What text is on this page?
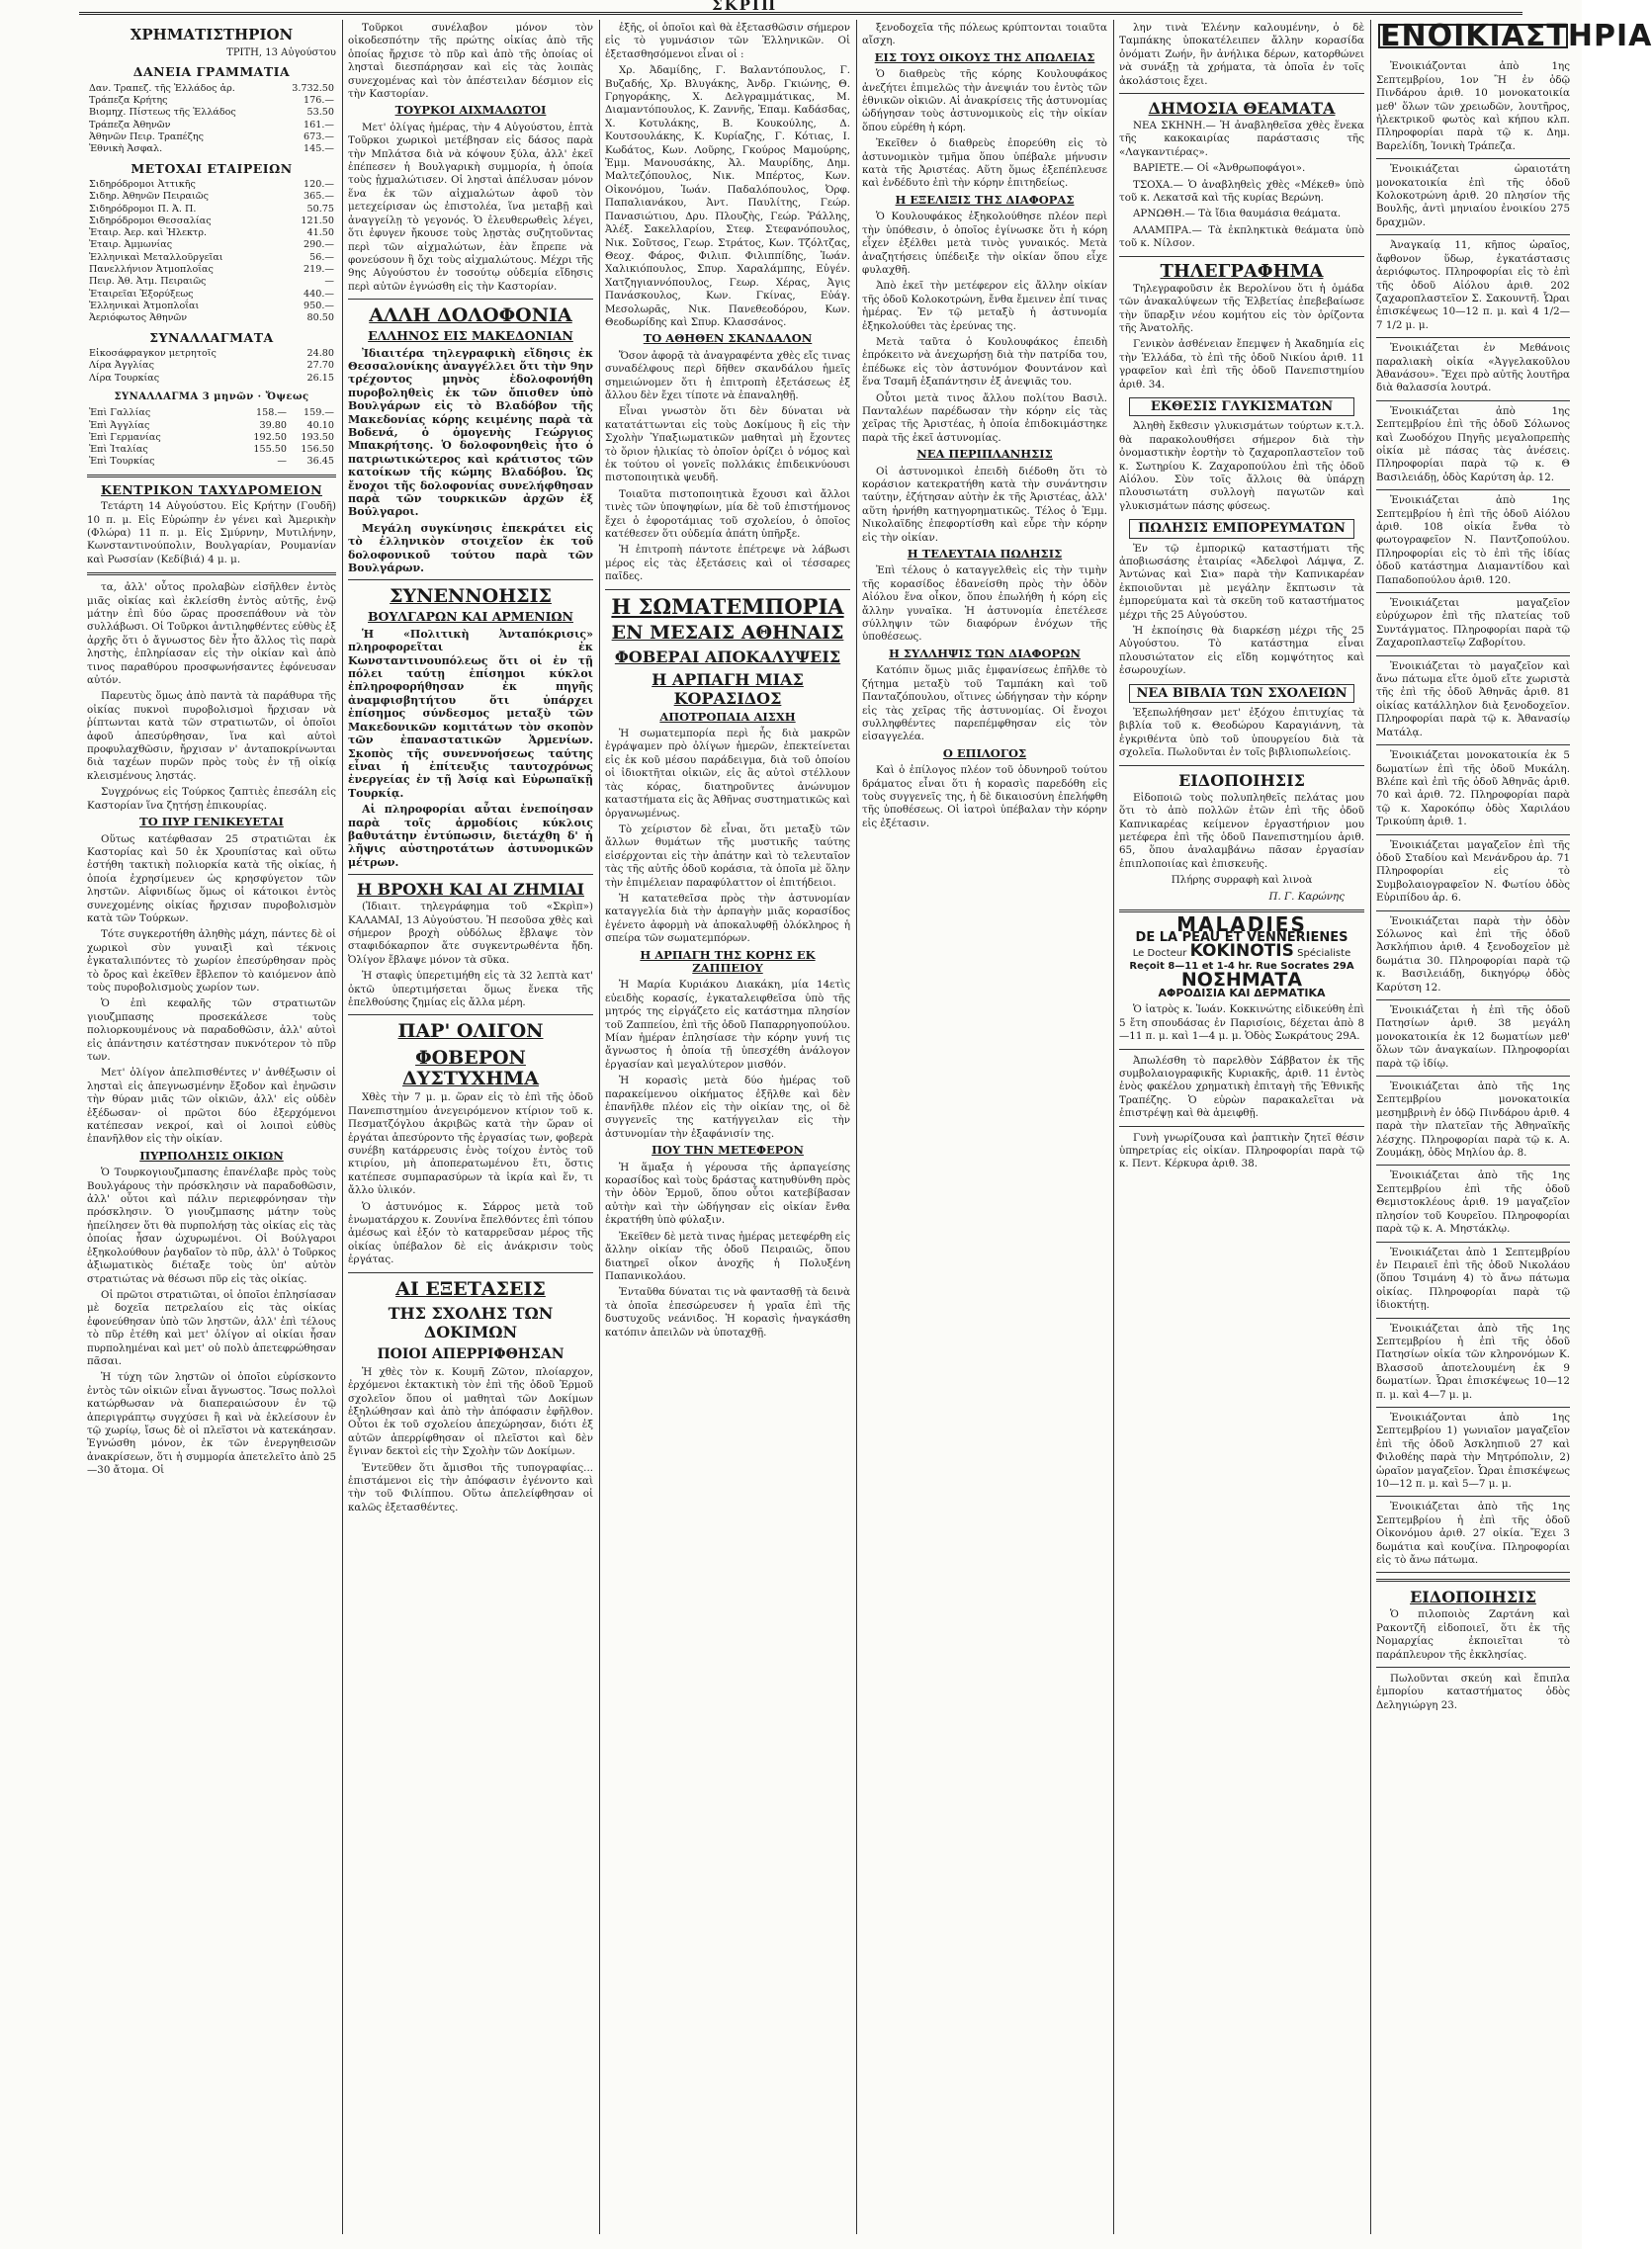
ΣΚΡΙΠ
ΧΡΗΜΑΤΙΣΤΗΡΙΟΝ
ΤΡΙΤΗ, 13 Αὐγούστου
ΔΑΝΕΙΑ ΓΡΑΜΜΑΤΙΑ
Δαν. Τραπεζ. τῆς Ἑλλάδος ἀρ.	3.732.50
Τράπεζα Κρήτης	176.—
Βιομηχ. Πίστεως τῆς Ἑλλάδος	53.50
Τράπεζα Ἀθηνῶν	161.—
Ἀθηνῶν Πειρ. Τραπέζης	673.—
Ἐθνικὴ Ἀσφαλ.	145.—
ΜΕΤΟΧΑΙ ΕΤΑΙΡΕΙΩΝ
Σιδηρόδρομοι Ἀττικῆς	120.—
Σιδηρ. Ἀθηνῶν Πειραιῶς	365.—
Σιδηρόδρομοι Π. Ἀ. Π.	50.75
Σιδηρόδρομοι Θεσσαλίας	121.50
Ἐταιρ. Ἀερ. καὶ Ἠλεκτρ.	41.50
Ἐταιρ. Ἀμμωνίας	290.—
Ἑλληνικαὶ Μεταλλοῦργεῖαι	56.—
Πανελλήνιον Ἀτμοπλοΐας	219.—
Πειρ. Ἀθ. Ἀτμ. Πειραιῶς	—
Ἐταιρεῖαι Ἐξορύξεως	440.—
Ἑλληνικαὶ Ἀτμοπλοΐαι	950.—
Ἀεριόφωτος Ἀθηνῶν	80.50
ΣΥΝΑΛΛΑΓΜΑΤΑ
Εἰκοσάφραγκον μετρητοῖς	24.80
Λίρα Ἀγγλίας	27.70
Λίρα Τουρκίας	26.15
ΣΥΝΑΛΛΑΓΜΑ 3 μηνῶν · Ὄψεως
Ἐπὶ Γαλλίας	158.—	159.—
Ἐπὶ Ἀγγλίας	39.80	40.10
Ἐπὶ Γερμανίας	192.50	193.50
Ἐπὶ Ἰταλίας	155.50	156.50
Ἐπὶ Τουρκίας	—	36.45
ΚΕΝΤΡΙΚΟΝ ΤΑΧΥΔΡΟΜΕΙΟΝ

Τετάρτη 14 Αὐγούστου. Εἰς Κρήτην (Γουδῆ) 10 π. μ. Εἰς Εὐρώπην ἐν γένει καὶ Ἀμερικὴν (Φλώρα) 11 π. μ. Εἰς Σμύρνην, Μυτιλήνην, Κωνσταντινούπολιν, Βουλγαρίαν, Ρουμανίαν καὶ Ρωσσίαν (Κεδίβιά) 4 μ. μ.

τα, ἀλλ' οὗτος προλαβὼν εἰσῆλθεν ἐντὸς μιᾶς οἰκίας καὶ ἐκλείσθη ἐντὸς αὐτῆς, ἐνῷ μάτην ἐπὶ δύο ὥρας προσεπάθουν νὰ τὸν συλλάβωσι. Οἱ Τοῦρκοι ἀντιληφθέντες εὐθὺς ἐξ ἀρχῆς ὅτι ὁ ἄγνωστος δὲν ἦτο ἄλλος τὶς παρὰ ληστὴς, ἐπληρίασαν εἰς τὴν οἰκίαν καὶ ἀπὸ τινος παραθύρου προσφωνήσαντες ἐφόνευσαν αὐτόν.

Παρευτὺς ὅμως ἀπὸ παντὰ τὰ παράθυρα τῆς οἰκίας πυκνοὶ πυροβολισμοὶ ἤρχισαν νὰ ῥίπτωνται κατὰ τῶν στρατιωτῶν, οἱ ὁποῖοι ἀφοῦ ἀπεσύρθησαν, ἵνα καὶ αὐτοὶ προφυλαχθῶσιν, ἤρχισαν ν' ἀνταποκρίνωνται διὰ ταχέων πυρῶν πρὸς τοὺς ἐν τῇ οἰκίᾳ κλεισμένους ληστάς.

Συγχρόνως εἰς Τούρκος ζαπτιὲς ἐπεσάλη εἰς Καστορίαν ἵνα ζητήσῃ ἐπικουρίας.

ΤΟ ΠΥΡ ΓΕΝΙΚΕΥΕΤΑΙ

Οὕτως κατέφθασαν 25 στρατιῶται ἐκ Καστορίας καὶ 50 ἐκ Χρουπίστας καὶ οὕτω ἐστήθη τακτικὴ πολιορκία κατὰ τῆς οἰκίας, ἡ ὁποία ἐχρησίμευεν ὡς κρησφύγετον τῶν ληστῶν. Αἰφνιδίως ὅμως οἱ κάτοικοι ἐντὸς συνεχομένης οἰκίας ἤρχισαν πυροβολισμὸν κατὰ τῶν Τούρκων.

Τότε συγκεροτήθη ἀληθὴς μάχη, πάντες δὲ οἱ χωρικοὶ σὺν γυναιξὶ καὶ τέκνοις ἐγκαταλιπόντες τὸ χωρίον ἐπεσύρθησαν πρὸς τὸ ὄρος καὶ ἐκεῖθεν ἔβλεπον τὸ καιόμενον ἀπὸ τοὺς πυροβολισμοὺς χωρίον των.

Ὁ ἐπὶ κεφαλῆς τῶν στρατιωτῶν γιουζμπασης προσεκάλεσε τοὺς πολιορκουμένους νὰ παραδοθῶσιν, ἀλλ' αὐτοὶ εἰς ἀπάντησιν κατέστησαν πυκνότερον τὸ πῦρ των.

Μετ' ὀλίγον ἀπελπισθέντες ν' ἀνθέξωσιν οἱ λησταὶ εἰς ἀπεγνωσμένην ἔξοδον καὶ ἐηνῶσιν τὴν θύραν μιᾶς τῶν οἰκιῶν, ἀλλ' εἰς οὐδὲν ἐξέδωσαν· οἱ πρῶτοι δύο ἐξερχόμενοι κατέπεσαν νεκροί, καὶ οἱ λοιποὶ εὐθὺς ἐπανῆλθον εἰς τὴν οἰκίαν.

ΠΥΡΠΟΛΗΣΙΣ ΟΙΚΙΩΝ

Ὁ Τουρκογιουζμπασης ἐπανέλαβε πρὸς τοὺς Βουλγάρους τὴν πρόσκλησιν νὰ παραδοθῶσιν, ἀλλ' οὗτοι καὶ πάλιν περιεφρόνησαν τὴν πρόσκλησιν. Ὁ γιουζμπασης μάτην τοὺς ἠπείλησεν ὅτι θὰ πυρπολήσῃ τὰς οἰκίας εἰς τὰς ὁποίας ἦσαν ὡχυρωμένοι. Οἱ Βούλγαροι ἐξηκολούθουν ῥαγδαῖον τὸ πῦρ, ἀλλ' ὁ Τοῦρκος ἀξιωματικὸς διέταξε τοὺς ὑπ' αὐτὸν στρατιώτας νὰ θέσωσι πῦρ εἰς τὰς οἰκίας.

Οἱ πρῶτοι στρατιῶται, οἱ ὁποῖοι ἐπλησίασαν μὲ δοχεῖα πετρελαίου εἰς τὰς οἰκίας ἐφονεύθησαν ὑπὸ τῶν ληστῶν, ἀλλ' ἐπὶ τέλους τὸ πῦρ ἐτέθη καὶ μετ' ὀλίγον αἱ οἰκίαι ἦσαν πυρπολημέναι καὶ μετ' οὐ πολὺ ἀπετεφρώθησαν πᾶσαι.

Ἡ τύχη τῶν ληστῶν οἱ ὁποῖοι εὑρίσκοντο ἐντὸς τῶν οἰκιῶν εἶναι ἄγνωστος. Ἴσως πολλοὶ κατώρθωσαν νὰ διαπεραιώσουν ἐν τῷ ἀπεριγράπτῳ συγχύσει ἢ καὶ νὰ ἐκλείσουν ἐν τῷ χωρίῳ, ἴσως δὲ οἱ πλεῖστοι νὰ κατεκάησαν. Ἐγνώσθη μόνον, ἐκ τῶν ἐνεργηθεισῶν ἀνακρίσεων, ὅτι ἡ συμμορία ἀπετελεῖτο ἀπὸ 25—30 ἄτομα. Οἱ

Τοῦρκοι συνέλαβον μόνον τὸν οἰκοδεσπότην τῆς πρώτης οἰκίας ἀπὸ τῆς ὁποίας ἤρχισε τὸ πῦρ καὶ ἀπὸ τῆς ὁποίας οἱ λησταὶ διεσπάρησαν καὶ εἰς τὰς λοιπὰς συνεχομένας καὶ τὸν ἀπέστειλαν δέσμιον εἰς τὴν Καστορίαν.

ΤΟΥΡΚΟΙ ΑΙΧΜΑΛΩΤΟΙ

Μετ' ὀλίγας ἡμέρας, τὴν 4 Αὐγούστου, ἑπτὰ Τοῦρκοι χωρικοὶ μετέβησαν εἰς δάσος παρὰ τὴν Μπλάτσα διὰ νὰ κόψουν ξύλα, ἀλλ' ἐκεῖ ἐπέπεσεν ἡ Βουλγαρικὴ συμμορία, ἡ ὁποία τοὺς ᾐχμαλώτισεν. Οἱ λησταὶ ἀπέλυσαν μόνον ἕνα ἐκ τῶν αἰχμαλώτων ἀφοῦ τὸν μετεχείρισαν ὡς ἐπιστολέα, ἵνα μεταβῇ καὶ ἀναγγείλῃ τὸ γεγονός. Ὁ ἐλευθερωθεὶς λέγει, ὅτι ἐφυγεν ἤκουσε τοὺς λῃστὰς συζητοῦντας περὶ τῶν αἰχμαλώτων, ἐὰν ἔπρεπε νὰ φονεύσουν ἢ ὄχι τοὺς αἰχμαλώτους. Μέχρι τῆς 9ης Αὐγούστου ἐν τοσούτῳ οὐδεμία εἴδησις περὶ αὐτῶν ἐγνώσθη εἰς τὴν Καστορίαν.

ΑΛΛΗ ΔΟΛΟΦΟΝΙΑ
ΕΛΛΗΝΟΣ ΕΙΣ ΜΑΚΕΔΟΝΙΑΝ

Ἰδιαιτέρα τηλεγραφικὴ εἴδησις ἐκ Θεσσαλονίκης ἀναγγέλλει ὅτι τὴν 9ην τρέχοντος μηνὸς ἐδολοφονήθη πυροβοληθεὶς ἐκ τῶν ὄπισθεν ὑπὸ Βουλγάρων εἰς τὸ Βλαδόβον τῆς Μακεδονίας κόρης κειμένης παρὰ τὰ Βοδενά, ὁ ὁμογενὴς Γεώργιος Μπακρήτσης. Ὁ δολοφονηθεὶς ἦτο ὁ πατριωτικώτερος καὶ κράτιστος τῶν κατοίκων τῆς κώμης Βλαδόβου. Ὡς ἔνοχοι τῆς δολοφονίας συνελήφθησαν παρὰ τῶν τουρκικῶν ἀρχῶν ἐξ Βούλγαροι.

Μεγάλη συγκίνησις ἐπεκράτει εἰς τὸ ἑλληνικὸν στοιχεῖον ἐκ τοῦ δολοφονικοῦ τούτου παρὰ τῶν Βουλγάρων.

ΣΥΝΕΝΝΟΗΣΙΣ
ΒΟΥΛΓΑΡΩΝ ΚΑΙ ΑΡΜΕΝΙΩΝ

Ἡ «Πολιτικὴ Ἀνταπόκρισις» πληροφορεῖται ἐκ Κωνσταντινουπόλεως ὅτι οἱ ἐν τῇ πόλει ταύτῃ ἐπίσημοι κύκλοι ἐπληροφορήθησαν ἐκ πηγῆς ἀναμφισβητήτου ὅτι ὑπάρχει ἐπίσημος σύνδεσμος μεταξὺ τῶν Μακεδονικῶν κομιτάτων τὸν σκοπὸν τῶν ἐπαναστατικῶν Ἀρμενίων. Σκοπὸς τῆς συνεννοήσεως ταύτης εἶναι ἡ ἐπίτευξις ταυτοχρόνως ἐνεργείας ἐν τῇ Ἀσίᾳ καὶ Εὐρωπαϊκῇ Τουρκίᾳ.

Αἱ πληροφορίαι αὗται ἐνεποίησαν παρὰ τοῖς ἁρμοδίοις κύκλοις βαθυτάτην ἐντύπωσιν, διετάχθη δ' ἡ λῆψις αὐστηροτάτων ἀστυνομικῶν μέτρων.

Η ΒΡΟΧΗ ΚΑΙ ΑΙ ΖΗΜΙΑΙ

(Ἰδιαιτ. τηλεγράφημα τοῦ «Σκρὶπ») ΚΑΛΑΜΑΙ, 13 Αὐγούστου. Ἡ πεσοῦσα χθὲς καὶ σήμερον βροχὴ οὐδόλως ἔβλαψε τὸν σταφιδόκαρπον ἅτε συγκεντρωθέντα ἤδη. Ὀλίγον ἔβλαψε μόνον τὰ σῦκα.

Ἡ σταφὶς ὑπερετιμήθη εἰς τὰ 32 λεπτὰ κατ' ὀκτῶ ὑπερτιμήσεται ὅμως ἕνεκα τῆς ἐπελθούσης ζημίας εἰς ἄλλα μέρη.

ΠΑΡ' ΟΛΙΓΟΝ
ΦΟΒΕΡΟΝ ΔΥΣΤΥΧΗΜΑ

Χθὲς τὴν 7 μ. μ. ὥραν εἰς τὸ ἐπὶ τῆς ὁδοῦ Πανεπιστημίου ἀνεγειρόμενον κτίριον τοῦ κ. Πεσματζόγλου ἀκριβῶς κατὰ τὴν ὥραν οἱ ἐργάται ἀπεσύροντο τῆς ἐργασίας των, φοβερὰ συνέβη κατάρρευσις ἑνὸς τοίχου ἐντὸς τοῦ κτιρίου, μὴ ἀποπερατωμένου ἔτι, ὅστις κατέπεσε συμπαρασύρων τὰ ἰκρία καὶ ἕν, τι ἄλλο ὑλικόν.

Ὁ ἀστυνόμος κ. Σάρρος μετὰ τοῦ ἐνωματάρχου κ. Ζουνίνα ἔπελθόντες ἐπὶ τόπου ἀμέσως καὶ ἐξόν τὸ καταρρεῦσαν μέρος τῆς οἰκίας ὑπέβαλον δὲ εἰς ἀνάκρισιν τοὺς ἐργάτας.

ΑΙ ΕΞΕΤΑΣΕΙΣ
ΤΗΣ ΣΧΟΛΗΣ ΤΩΝ ΔΟΚΙΜΩΝ
ΠΟΙΟΙ ΑΠΕΡΡΙΦΘΗΣΑΝ

Ἡ χθὲς τὸν κ. Κουμῆ Ζῶτον, πλοίαρχον, ἐρχόμενοι ἐκτακτικὴ τὸν ἐπὶ τῆς ὁδοῦ Ἐρμοῦ σχολεῖον ὅπου οἱ μαθηταὶ τῶν Δοκίμων ἐξηλώθησαν καὶ ἀπὸ τὴν ἀπόφασιν ἐφῆλθον. Οὗτοι ἐκ τοῦ σχολείου ἀπεχώρησαν, διότι ἐξ αὐτῶν ἀπερρίφθησαν οἱ πλεῖστοι καὶ δὲν ἔγιναν δεκτοὶ εἰς τὴν Σχολὴν τῶν Δοκίμων.

Ἐντεῦθεν ὅτι ἄμισθοι τῆς τυπογραφίας... ἐπιστάμενοι εἰς τὴν ἀπόφασιν ἐγένοντο καὶ τὴν τοῦ Φιλίππου. Οὕτω ἀπελείφθησαν οἱ καλῶς ἐξετασθέντες.

ἐξῆς, οἱ ὁποῖοι καὶ θὰ ἐξετασθῶσιν σήμερον εἰς τὸ γυμνάσιον τῶν Ἑλληνικῶν. Οἱ ἐξετασθησόμενοι εἶναι οἱ :

Χρ. Ἀδαμίδης, Γ. Βαλαντόπουλος, Γ. Βυζαδής, Χρ. Βλυγάκης, Ἀνδρ. Γκιώνης, Θ. Γρηγοράκης, Χ. Δελγραμμάτικας, Μ. Διαμαντόπουλος, Κ. Ζαννῆς, Ἐπαμ. Καδάσδας, Χ. Κοτυλάκης, Β. Κουκούλης, Δ. Κουτσουλάκης, Κ. Κυρίαζης, Γ. Κότιας, Ι. Κωδάτος, Κων. Λοῦρης, Γκούρος Μαμούρης, Ἐμμ. Μανουσάκης, Ἀλ. Μαυρίδης, Δημ. Μαλτεζόπουλος, Νικ. Μπέρτος, Κων. Οἰκονόμου, Ἰωάν. Παδαλόπουλος, Ὀρφ. Παπαλιανάκου, Ἀντ. Παυλίτης, Γεώρ. Πανασιώτιου, Δρυ. Πλουζὴς, Γεώρ. Ῥάλλης, Ἀλέξ. Σακελλαρίου, Στεφ. Στεφανόπουλος, Νικ. Σοῦτσος, Γεωρ. Στράτος, Κων. Τζόλτζας, Θεοχ. Φάρος, Φιλιπ. Φιλιππίδης, Ἰωάν. Χαλικιόπουλος, Σπυρ. Χαραλάμπης, Εὐγέν. Χατζηγιαννόπουλος, Γεωρ. Χέρας, Ἀγις Πανάσκουλος, Κων. Γκίνας, Εὐάγ. Μεσολωρᾶς, Νικ. Πανεθεοδόρου, Κων. Θεοδωρίδης καὶ Σπυρ. Κλασσάνος.

ΤΟ ΑΘΗΘΕΝ ΣΚΑΝΔΑΛΟΝ

Ὅσον ἀφορᾷ τὰ ἀναγραφέντα χθὲς εἴς τινας συναδέλφους περὶ δῆθεν σκανδάλου ἡμεῖς σημειώνομεν ὅτι ἡ ἐπιτροπὴ ἐξετάσεως ἐξ ἄλλου δὲν ἔχει τίποτε νὰ ἐπαναληθῇ.

Εἶναι γνωστὸν ὅτι δὲν δύναται νὰ κατατάττωνται εἰς τοὺς Δοκίμους ἢ εἰς τὴν Σχολὴν Ὑπαξιωματικῶν μαθηταὶ μὴ ἔχοντες τὸ ὅριον ἡλικίας τὸ ὁποῖον ὁρίζει ὁ νόμος καὶ ἐκ τούτου οἱ γονεῖς πολλάκις ἐπιδεικνύουσι πιστοποιητικὰ ψευδῆ.

Τοιαῦτα πιστοποιητικὰ ἔχουσι καὶ ἄλλοι τινὲς τῶν ὑποψηφίων, μία δὲ τοῦ ἐπιστήμονος ἔχει ὁ ἐφοροτάμιας τοῦ σχολείου, ὁ ὁποῖος κατέθεσεν ὅτι οὐδεμία ἀπάτη ὑπῆρξε.

Ἡ ἐπιτροπὴ πάντοτε ἐπέτρεψε νὰ λάβωσι μέρος εἰς τὰς ἐξετάσεις καὶ οἱ τέσσαρες παῖδες.

Η ΣΩΜΑΤΕΜΠΟΡΙΑ
ΕΝ ΜΕΣΑΙΣ ΑΘΗΝΑΙΣ
ΦΟΒΕΡΑΙ ΑΠΟΚΑΛΥΨΕΙΣ
Η ΑΡΠΑΓΗ ΜΙΑΣ ΚΟΡΑΣΙΔΟΣ
ΑΠΟΤΡΟΠΑΙΑ ΑΙΣΧΗ

Ἡ σωματεμπορία περὶ ἧς διὰ μακρῶν ἐγράψαμεν πρὸ ὀλίγων ἡμερῶν, ἐπεκτείνεται εἰς ἐκ κοῦ μέσου παράδειγμα, διὰ τοῦ ὁποίου οἱ ἰδιοκτῆται οἰκιῶν, εἰς ἃς αὐτοὶ στέλλουν τὰς κόρας, διατηροῦντες ἀνώνυμον καταστήματα εἰς ἃς Ἀθῆνας συστηματικῶς καὶ ὀργανωμένως.

Τὸ χείριστον δὲ εἶναι, ὅτι μεταξὺ τῶν ἄλλων θυμάτων τῆς μυστικῆς ταύτης εἰσέρχονται εἰς τὴν ἀπάτην καὶ τὸ τελευταῖον τὰς τῆς αὐτῆς ὁδοῦ κοράσια, τὰ ὁποῖα μὲ ὅλην τὴν ἐπιμέλειαν παραφύλαττον οἱ ἐπιτήδειοι.

Ἡ κατατεθεῖσα πρὸς τὴν ἀστυνομίαν καταγγελία διὰ τὴν ἀρπαγὴν μιᾶς κορασίδος ἐγένετο ἀφορμὴ νὰ ἀποκαλυφθῇ ὁλόκληρος ἡ σπείρα τῶν σωματεμπόρων.

Η ΑΡΠΑΓΗ ΤΗΣ ΚΟΡΗΣ ΕΚ ΖΑΠΠΕΙΟΥ

Ἡ Μαρία Κυριάκου Διακάκη, μία 14ετὶς εὐειδὴς κορασίς, ἐγκαταλειφθεῖσα ὑπὸ τῆς μητρός της εἰργάζετο εἰς κατάστημα πλησίον τοῦ Ζαππείου, ἐπὶ τῆς ὁδοῦ Παπαρρηγοπούλου. Μίαν ἡμέραν ἐπλησίασε τὴν κόρην γυνή τις ἄγνωστος ἡ ὁποία τῇ ὑπεσχέθη ἀνάλογον ἐργασίαν καὶ μεγαλύτερον μισθόν.

Ἡ κορασὶς μετὰ δύο ἡμέρας τοῦ παρακείμενου οἰκήματος ἐξῆλθε καὶ δὲν ἐπανῆλθε πλέον εἰς τὴν οἰκίαν της, οἱ δὲ συγγενεῖς της κατήγγειλαν εἰς τὴν ἀστυνομίαν τὴν ἐξαφάνισίν της.

ΠΟΥ ΤΗΝ ΜΕΤΕΦΕΡΟΝ

Ἡ ἅμαξα ἡ γέρουσα τῆς ἁρπαγείσης κορασίδος καὶ τοὺς δράστας κατηυθύνθη πρὸς τὴν ὁδὸν Ἑρμοῦ, ὅπου οὗτοι κατεβίβασαν αὐτὴν καὶ τὴν ὡδήγησαν εἰς οἰκίαν ἔνθα ἐκρατήθη ὑπὸ φύλαξιν.

Ἐκεῖθεν δὲ μετὰ τινας ἡμέρας μετεφέρθη εἰς ἄλλην οἰκίαν τῆς ὁδοῦ Πειραιῶς, ὅπου διατηρεῖ οἶκον ἀνοχῆς ἡ Πολυξένη Παπανικολάου.

Ἐνταῦθα δύναται τις νὰ φαντασθῇ τὰ δεινὰ τὰ ὁποῖα ἐπεσώρευσεν ἡ γραῖα ἐπὶ τῆς δυστυχοῦς νεάνιδος. Ἡ κορασὶς ἠναγκάσθη κατόπιν ἀπειλῶν νὰ ὑποταχθῇ.

ξενοδοχεῖα τῆς πόλεως κρύπτονται τοιαῦτα αἴσχη.

ΕΙΣ ΤΟΥΣ ΟΙΚΟΥΣ ΤΗΣ ΑΠΩΛΕΙΑΣ

Ὁ διαθρεὺς τῆς κόρης Κουλουφάκος ἀνεζήτει ἐπιμελῶς τὴν ἀνεψιάν του ἐντὸς τῶν ἐθνικῶν οἰκιῶν. Αἱ ἀνακρίσεις τῆς ἀστυνομίας ὡδήγησαν τοὺς ἀστυνομικοὺς εἰς τὴν οἰκίαν ὅπου εὑρέθη ἡ κόρη.

Ἐκεῖθεν ὁ διαθρεὺς ἐπορεύθη εἰς τὸ ἀστυνομικὸν τμῆμα ὅπου ὑπέβαλε μήνυσιν κατὰ τῆς Ἀριστέας. Αὕτη ὅμως ἐξεπέπλευσε καὶ ἐνδέδυτο ἐπὶ τὴν κόρην ἐπιτηδείως.

Η ΕΞΕΛΙΞΙΣ ΤΗΣ ΔΙΑΦΟΡΑΣ

Ὁ Κουλουφάκος ἐξηκολούθησε πλέον περὶ τὴν ὑπόθεσιν, ὁ ὁποῖος ἐγίνωσκε ὅτι ἡ κόρη εἶχεν ἐξέλθει μετὰ τινὸς γυναικός. Μετὰ ἀναζητήσεις ὑπέδειξε τὴν οἰκίαν ὅπου εἶχε φυλαχθῆ.

Ἀπὸ ἐκεῖ τὴν μετέφερον εἰς ἄλλην οἰκίαν τῆς ὁδοῦ Κολοκοτρώνη, ἔνθα ἔμεινεν ἐπί τινας ἡμέρας. Ἐν τῷ μεταξὺ ἡ ἀστυνομία ἐξηκολούθει τὰς ἐρεύνας της.

Μετὰ ταῦτα ὁ Κουλουφάκος ἐπειδὴ ἐπρόκειτο νὰ ἀνεχωρήσῃ διὰ τὴν πατρίδα του, ἐπέδωκε εἰς τὸν ἀστυνόμον Φουντάνον καὶ ἕνα Τσαμῆ ἐξαπάντησιν ἐξ ἀνεψιᾶς του.

Οὗτοι μετὰ τινος ἄλλου πολίτου Βασιλ. Πανταλέων παρέδωσαν τὴν κόρην εἰς τὰς χεῖρας τῆς Ἀριστέας, ἡ ὁποία ἐπιδοκιμάστηκε παρὰ τῆς ἐκεῖ ἀστυνομίας.

ΝΕΑ ΠΕΡΙΠΛΑΝΗΣΙΣ

Οἱ ἀστυνομικοὶ ἐπειδὴ διέδοθη ὅτι τὸ κοράσιον κατεκρατήθη κατὰ τὴν συνάντησιν ταύτην, ἐζήτησαν αὐτὴν ἐκ τῆς Ἀριστέας, ἀλλ' αὕτη ἠρνήθη κατηγορηματικῶς. Τέλος ὁ Ἐμμ. Νικολαϊδης ἐπεφορτίσθη καὶ εὗρε τὴν κόρην εἰς τὴν οἰκίαν.

Η ΤΕΛΕΥΤΑΙΑ ΠΩΛΗΣΙΣ

Ἐπὶ τέλους ὁ καταγγελθεὶς εἰς τὴν τιμὴν τῆς κορασίδος ἐδανείσθη πρὸς τὴν ὁδὸν Αἰόλου ἕνα οἶκον, ὅπου ἐπωλήθη ἡ κόρη εἰς ἄλλην γυναῖκα. Ἡ ἀστυνομία ἐπετέλεσε σύλληψιν τῶν διαφόρων ἐνόχων τῆς ὑποθέσεως.

Η ΣΥΛΛΗΨΙΣ ΤΩΝ ΔΙΑΦΟΡΩΝ

Κατόπιν ὅμως μιᾶς ἐμφανίσεως ἐπῆλθε τὸ ζήτημα μεταξὺ τοῦ Ταμπάκη καὶ τοῦ Πανταζόπουλου, οἵτινες ὡδήγησαν τὴν κόρην εἰς τὰς χεῖρας τῆς ἀστυνομίας. Οἱ ἔνοχοι συλληφθέντες παρεπέμφθησαν εἰς τὸν εἰσαγγελέα.

Ο ΕΠΙΛΟΓΟΣ

Καὶ ὁ ἐπίλογος πλέον τοῦ ὀδυνηροῦ τούτου δράματος εἶναι ὅτι ἡ κορασὶς παρεδόθη εἰς τοὺς συγγενεῖς της, ἡ δὲ δικαιοσύνη ἐπελήφθη τῆς ὑποθέσεως. Οἱ ἰατροὶ ὑπέβαλαν τὴν κόρην εἰς ἐξέτασιν.

λην τινὰ Ἑλένην καλουμένην, ὁ δὲ Ταμπάκης ὑποκατέλειπεν ἄλλην κορασίδα ὀνόματι Ζωήν, ἣν ἀνήλικα δέρων, κατορθώνει νὰ συνάξῃ τὰ χρήματα, τὰ ὁποῖα ἐν τοῖς ἀκολάστοις ἔχει.

ΔΗΜΟΣΙΑ ΘΕΑΜΑΤΑ

ΝΕΑ ΣΚΗΝΗ.— Ἡ ἀναβληθεῖσα χθὲς ἕνεκα τῆς κακοκαιρίας παράστασις τῆς «Λαγκαντιέρας».

ΒΑΡΙΕΤΕ.— Οἱ «Ἀνθρωποφάγοι».

ΤΣΟΧΑ.— Ὁ ἀναβληθεὶς χθὲς «Μέκεθ» ὑπὸ τοῦ κ. Λεκατσᾶ καὶ τῆς κυρίας Βερώνη.

ΑΡΝΩΘΗ.— Τὰ ἴδια θαυμάσια θεάματα.

ΑΛΑΜΠΡΑ.— Τὰ ἐκπληκτικὰ θεάματα ὑπὸ τοῦ κ. Νίλσον.

ΤΗΛΕΓΡΑΦΗΜΑ

Τηλεγραφοῦσιν ἐκ Βερολίνου ὅτι ἡ ὁμάδα τῶν ἀνακαλύψεων τῆς Ἑλβετίας ἐπεβεβαίωσε τὴν ὕπαρξιν νέου κομήτου εἰς τὸν ὁρίζοντα τῆς Ἀνατολῆς.

Γενικὸν ἀσθένειαν ἔπεμψεν ἡ Ἀκαδημία εἰς τὴν Ἑλλάδα, τὸ ἐπὶ τῆς ὁδοῦ Νικίου ἀριθ. 11 γραφεῖον καὶ ἐπὶ τῆς ὁδοῦ Πανεπιστημίου ἀριθ. 34.

ΕΚΘΕΣΙΣ ΓΛΥΚΙΣΜΑΤΩΝ

Ἀληθὴ ἔκθεσιν γλυκισμάτων τούρτων κ.τ.λ. θὰ παρακολουθήσει σήμερον διὰ τὴν ὀνομαστικὴν ἑορτὴν τὸ ζαχαροπλαστεῖον τοῦ κ. Σωτηρίου Κ. Ζαχαροπούλου ἐπὶ τῆς ὁδοῦ Αἰόλου. Σὺν τοῖς ἄλλοις θὰ ὑπάρχῃ πλουσιωτάτη συλλογὴ παγωτῶν καὶ γλυκισμάτων πάσης φύσεως.

ΠΩΛΗΣΙΣ ΕΜΠΟΡΕΥΜΑΤΩΝ

Ἐν τῷ ἐμπορικῷ καταστήματι τῆς ἀποβιωσάσης ἐταιρίας «Ἀδελφοὶ Λάμψα, Ζ. Ἀντώνας καὶ Σια» παρὰ τὴν Καπνικαρέαν ἐκποιοῦνται μὲ μεγάλην ἔκπτωσιν τὰ ἐμπορεύματα καὶ τὰ σκεῦη τοῦ καταστήματος μέχρι τῆς 25 Αὐγούστου.

Ἡ ἐκποίησις θὰ διαρκέσῃ μέχρι τῆς 25 Αὐγούστου. Τὸ κατάστημα εἶναι πλουσιώτατον εἰς εἴδη κομψότητος καὶ ἐσωρουχίων.

ΝΕΑ ΒΙΒΛΙΑ ΤΩΝ ΣΧΟΛΕΙΩΝ

Ἐξεπωλήθησαν μετ' ἐξόχου ἐπιτυχίας τὰ βιβλία τοῦ κ. Θεοδώρου Καραγιάννη, τὰ ἐγκριθέντα ὑπὸ τοῦ ὑπουργείου διὰ τὰ σχολεῖα. Πωλοῦνται ἐν τοῖς βιβλιοπωλείοις.

ΕΙΔΟΠΟΙΗΣΙΣ

Εἰδοποιῶ τοὺς πολυπληθεῖς πελάτας μου ὅτι τὸ ἀπὸ πολλῶν ἐτῶν ἐπὶ τῆς ὁδοῦ Καπνικαρέας κείμενον ἐργαστήριον μου μετέφερα ἐπὶ τῆς ὁδοῦ Πανεπιστημίου ἀριθ. 65, ὅπου ἀναλαμβάνω πᾶσαν ἐργασίαν ἐπιπλοποιίας καὶ ἐπισκευῆς.

Πλήρης συρραφὴ καὶ λινοὰ

Π. Γ. Καρώνης
MALADIES
DE LA PEAU ET VENNERIENES
Le Docteur KOKINOTIS Spécialiste
Reçoit 8—11 et 1-4 hr. Rue Socrates 29Α
ΝΟΣΗΜΑΤΑ
ΑΦΡΟΔΙΣΙΑ ΚΑΙ ΔΕΡΜΑΤΙΚΑ

Ὁ ἰατρὸς κ. Ἰωάν. Κοκκινώτης εἰδικεύθη ἐπὶ 5 ἔτη σπουδάσας ἐν Παρισίοις, δέχεται ἀπὸ 8—11 π. μ. καὶ 1—4 μ. μ. Ὁδὸς Σωκράτους 29Α.

Ἀπωλέσθη τὸ παρελθὸν Σάββατον ἐκ τῆς συμβολαιογραφικῆς Κυριακῆς, ἀριθ. 11 ἐντὸς ἑνὸς φακέλου χρηματικὴ ἐπιταγὴ τῆς Ἐθνικῆς Τραπέζης. Ὁ εὑρὼν παρακαλεῖται νὰ ἐπιστρέψῃ καὶ θὰ ἀμειφθῇ.

Γυνὴ γνωρίζουσα καὶ ῥαπτικὴν ζητεῖ θέσιν ὑπηρετρίας εἰς οἰκίαν. Πληροφορίαι παρὰ τῷ κ. Πεντ. Κέρκυρα ἀριθ. 38.

ΕΝΟΙΚΙΑΣΤΗΡΙΑ

Ἐνοικιάζονται ἀπὸ 1ης Σεπτεμβρίου, 1ον Ἢ ἐν ὁδῷ Πινδάρου ἀριθ. 10 μονοκατοικία μεθ' ὅλων τῶν χρειωδῶν, λουτῆρος, ἠλεκτρικοῦ φωτὸς καὶ κήπου κλπ. Πληροφορίαι παρὰ τῷ κ. Δημ. Βαρελίδη, Ἰονικὴ Τράπεζα.

Ἐνοικιάζεται ὡραιοτάτη μονοκατοικία ἐπὶ τῆς ὁδοῦ Κολοκοτρώνη ἀριθ. 20 πλησίον τῆς Βουλῆς, ἀντὶ μηνιαίου ἐνοικίου 275 δραχμῶν.

Ἀναγκαίᾳ 11, κῆπος ὡραῖος, ἄφθονον ὕδωρ, ἐγκατάστασις ἀεριόφωτος. Πληροφορίαι εἰς τὸ ἐπὶ τῆς ὁδοῦ Αἰόλου ἀριθ. 202 ζαχαροπλαστεῖον Σ. Σακουντῆ. Ὧραι ἐπισκέψεως 10—12 π. μ. καὶ 4 1/2—7 1/2 μ. μ.

Ἐνοικιάζεται ἐν Μεθάνοις παραλιακὴ οἰκία «Ἀγγελακοῦλου Ἀθανάσου». Ἔχει πρὸ αὐτῆς λουτῆρα διὰ θαλασσία λουτρά.

Ἐνοικιάζεται ἀπὸ 1ης Σεπτεμβρίου ἐπὶ τῆς ὁδοῦ Σόλωνος καὶ Ζωοδόχου Πηγῆς μεγαλοπρεπὴς οἰκία μὲ πάσας τὰς ἀνέσεις. Πληροφορίαι παρὰ τῷ κ. Θ Βασιλειάδῃ, ὁδὸς Καρύτση ἀρ. 12.

Ἐνοικιάζεται ἀπὸ 1ης Σεπτεμβρίου ἡ ἐπὶ τῆς ὁδοῦ Αἰόλου ἀριθ. 108 οἰκία ἔνθα τὸ φωτογραφεῖον Ν. Παντζοπούλου. Πληροφορίαι εἰς τὸ ἐπὶ τῆς ἰδίας ὁδοῦ κατάστημα Διαμαντίδου καὶ Παπαδοπούλου ἀριθ. 120.

Ἐνοικιάζεται μαγαζεῖον εὐρύχωρον ἐπὶ τῆς πλατείας τοῦ Συντάγματος. Πληροφορίαι παρὰ τῷ Ζαχαροπλαστεῖῳ Ζαβορίτου.

Ἐνοικιάζεται τὸ μαγαζεῖον καὶ ἄνω πάτωμα εἴτε ὁμοῦ εἴτε χωριστὰ τῆς ἐπὶ τῆς ὁδοῦ Ἀθηνᾶς ἀριθ. 81 οἰκίας κατάλληλον διὰ ξενοδοχεῖον. Πληροφορίαι παρὰ τῷ κ. Ἀθανασίῳ Ματάλᾳ.

Ἐνοικιάζεται μονοκατοικία ἐκ 5 δωματίων ἐπὶ τῆς ὁδοῦ Μυκάλη. Βλέπε καὶ ἐπὶ τῆς ὁδοῦ Ἀθηνᾶς ἀριθ. 70 καὶ ἀριθ. 72. Πληροφορίαι παρὰ τῷ κ. Χαροκόπῳ ὁδὸς Χαριλάου Τρικούπη ἀριθ. 1.

Ἐνοικιάζεται μαγαζεῖον ἐπὶ τῆς ὁδοῦ Σταδίου καὶ Μενάνδρου ἀρ. 71 Πληροφορίαι εἰς τὸ Συμβολαιογραφεῖον Ν. Φωτίου ὁδὸς Εὐριπίδου ἀρ. 6.

Ἐνοικιάζεται παρὰ τὴν ὁδὸν Σόλωνος καὶ ἐπὶ τῆς ὁδοῦ Ἀσκλήπιου ἀριθ. 4 ξενοδοχεῖον μὲ δωμάτια 30. Πληροφορίαι παρὰ τῷ κ. Βασιλειάδῃ, δικηγόρῳ ὁδὸς Καρύτση 12.

Ἐνοικιάζεται ἡ ἐπὶ τῆς ὁδοῦ Πατησίων ἀριθ. 38 μεγάλη μονοκατοικία ἐκ 12 δωματίων μεθ' ὅλων τῶν ἀναγκαίων. Πληροφορίαι παρὰ τῷ ἰδίῳ.

Ἐνοικιάζεται ἀπὸ τῆς 1ης Σεπτεμβρίου μονοκατοικία μεσημβρινὴ ἐν ὁδῷ Πινδάρου ἀριθ. 4 παρὰ τὴν πλατεῖαν τῆς Ἀθηναϊκῆς λέσχης. Πληροφορίαι παρὰ τῷ κ. Α. Ζουμάκῃ, ὁδὸς Μηλίου ἀρ. 8.

Ἐνοικιάζεται ἀπὸ τῆς 1ης Σεπτεμβρίου ἐπὶ τῆς ὁδοῦ Θεμιστοκλέους ἀριθ. 19 μαγαζεῖον πλησίον τοῦ Κουρεῖου. Πληροφορίαι παρὰ τῷ κ. Α. Μηστάκλῳ.

Ἐνοικιάζεται ἀπὸ 1 Σεπτεμβρίου ἐν Πειραιεῖ ἐπὶ τῆς ὁδοῦ Νικολάου (ὅπου Τσιμάνη 4) τὸ ἄνω πάτωμα οἰκίας. Πληροφορίαι παρὰ τῷ ἰδιοκτήτῃ.

Ἐνοικιάζεται ἀπὸ τῆς 1ης Σεπτεμβρίου ἡ ἐπὶ τῆς ὁδοῦ Πατησίων οἰκία τῶν κληρονόμων Κ. Βλασσοῦ ἀποτελουμένη ἐκ 9 δωματίων. Ὧραι ἐπισκέψεως 10—12 π. μ. καὶ 4—7 μ. μ.

Ἐνοικιάζονται ἀπὸ 1ης Σεπτεμβρίου 1) γωνιαῖον μαγαζεῖον ἐπὶ τῆς ὁδοῦ Ἀσκληπιοῦ 27 καὶ Φιλοθέης παρὰ τὴν Μητρόπολιν, 2) ὡραῖον μαγαζεῖον. Ὧραι ἐπισκέψεως 10—12 π. μ. καὶ 5—7 μ. μ.

Ἐνοικιάζεται ἀπὸ τῆς 1ης Σεπτεμβρίου ἡ ἐπὶ τῆς ὁδοῦ Οἰκονόμου ἀριθ. 27 οἰκία. Ἔχει 3 δωμάτια καὶ κουζίνα. Πληροφορίαι εἰς τὸ ἄνω πάτωμα.

ΕΙΔΟΠΟΙΗΣΙΣ

Ὁ πιλοποιὸς Ζαρτάνη καὶ Ρακοντζῆ εἰδοποιεῖ, ὅτι ἐκ τῆς Νομαρχίας ἐκποιεῖται τὸ παράπλευρον τῆς ἐκκλησίας.

Πωλοῦνται σκεύη καὶ ἔπιπλα ἐμπορίου καταστήματος ὁδὸς Δεληγιώργη 23.
